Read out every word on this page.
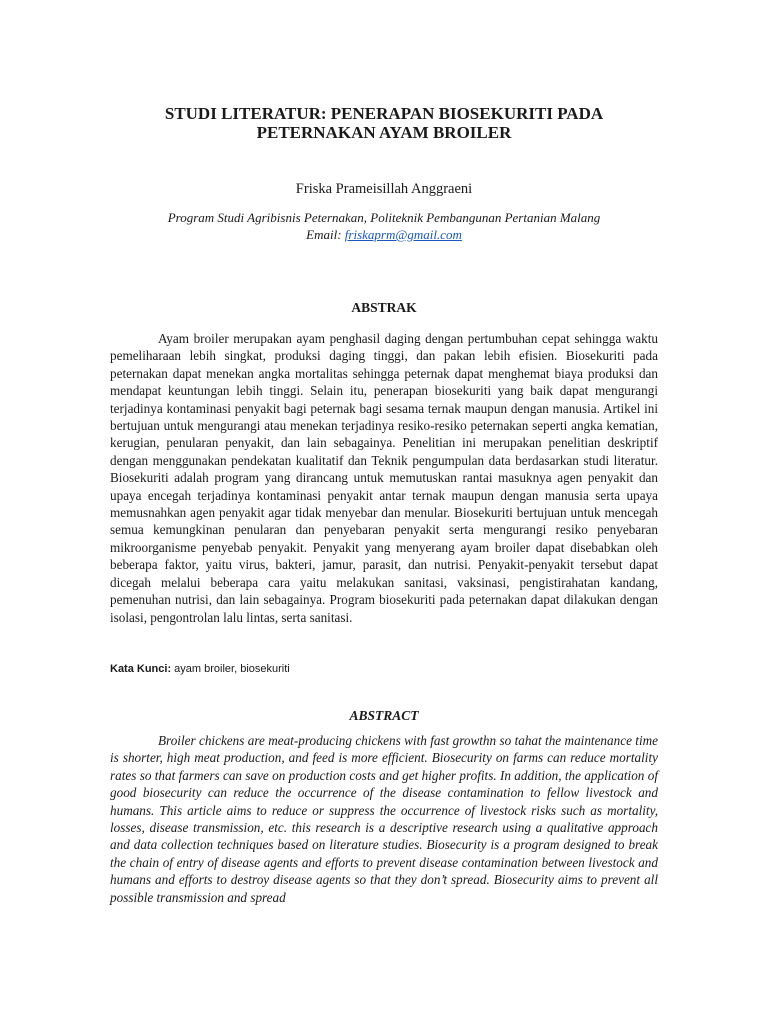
STUDI LITERATUR: PENERAPAN BIOSEKURITI PADA
PETERNAKAN AYAM BROILER
Friska Prameisillah Anggraeni
Program Studi Agribisnis Peternakan, Politeknik Pembangunan Pertanian Malang
Email: friskaprm@gmail.com
ABSTRAK
Ayam broiler merupakan ayam penghasil daging dengan pertumbuhan cepat sehingga waktu pemeliharaan lebih singkat, produksi daging tinggi, dan pakan lebih efisien. Biosekuriti pada peternakan dapat menekan angka mortalitas sehingga peternak dapat menghemat biaya produksi dan mendapat keuntungan lebih tinggi. Selain itu, penerapan biosekuriti yang baik dapat mengurangi terjadinya kontaminasi penyakit bagi peternak bagi sesama ternak maupun dengan manusia. Artikel ini bertujuan untuk mengurangi atau menekan terjadinya resiko-resiko peternakan seperti angka kematian, kerugian, penularan penyakit, dan lain sebagainya. Penelitian ini merupakan penelitian deskriptif dengan menggunakan pendekatan kualitatif dan Teknik pengumpulan data berdasarkan studi literatur. Biosekuriti adalah program yang dirancang untuk memutuskan rantai masuknya agen penyakit dan upaya encegah terjadinya kontaminasi penyakit antar ternak maupun dengan manusia serta upaya memusnahkan agen penyakit agar tidak menyebar dan menular. Biosekuriti bertujuan untuk mencegah semua kemungkinan penularan dan penyebaran penyakit serta mengurangi resiko penyebaran mikroorganisme penyebab penyakit. Penyakit yang menyerang ayam broiler dapat disebabkan oleh beberapa faktor, yaitu virus, bakteri, jamur, parasit, dan nutrisi. Penyakit-penyakit tersebut dapat dicegah melalui beberapa cara yaitu melakukan sanitasi, vaksinasi, pengistirahatan kandang, pemenuhan nutrisi, dan lain sebagainya. Program biosekuriti pada peternakan dapat dilakukan dengan isolasi, pengontrolan lalu lintas, serta sanitasi.
Kata Kunci: ayam broiler, biosekuriti
ABSTRACT
Broiler chickens are meat-producing chickens with fast growthn so tahat the maintenance time is shorter, high meat production, and feed is more efficient. Biosecurity on farms can reduce mortality rates so that farmers can save on production costs and get higher profits. In addition, the application of good biosecurity can reduce the occurrence of the disease contamination to fellow livestock and humans. This article aims to reduce or suppress the occurrence of livestock risks such as mortality, losses, disease transmission, etc. this research is a descriptive research using a qualitative approach and data collection techniques based on literature studies. Biosecurity is a program designed to break the chain of entry of disease agents and efforts to prevent disease contamination between livestock and humans and efforts to destroy disease agents so that they don’t spread. Biosecurity aims to prevent all possible transmission and spread
